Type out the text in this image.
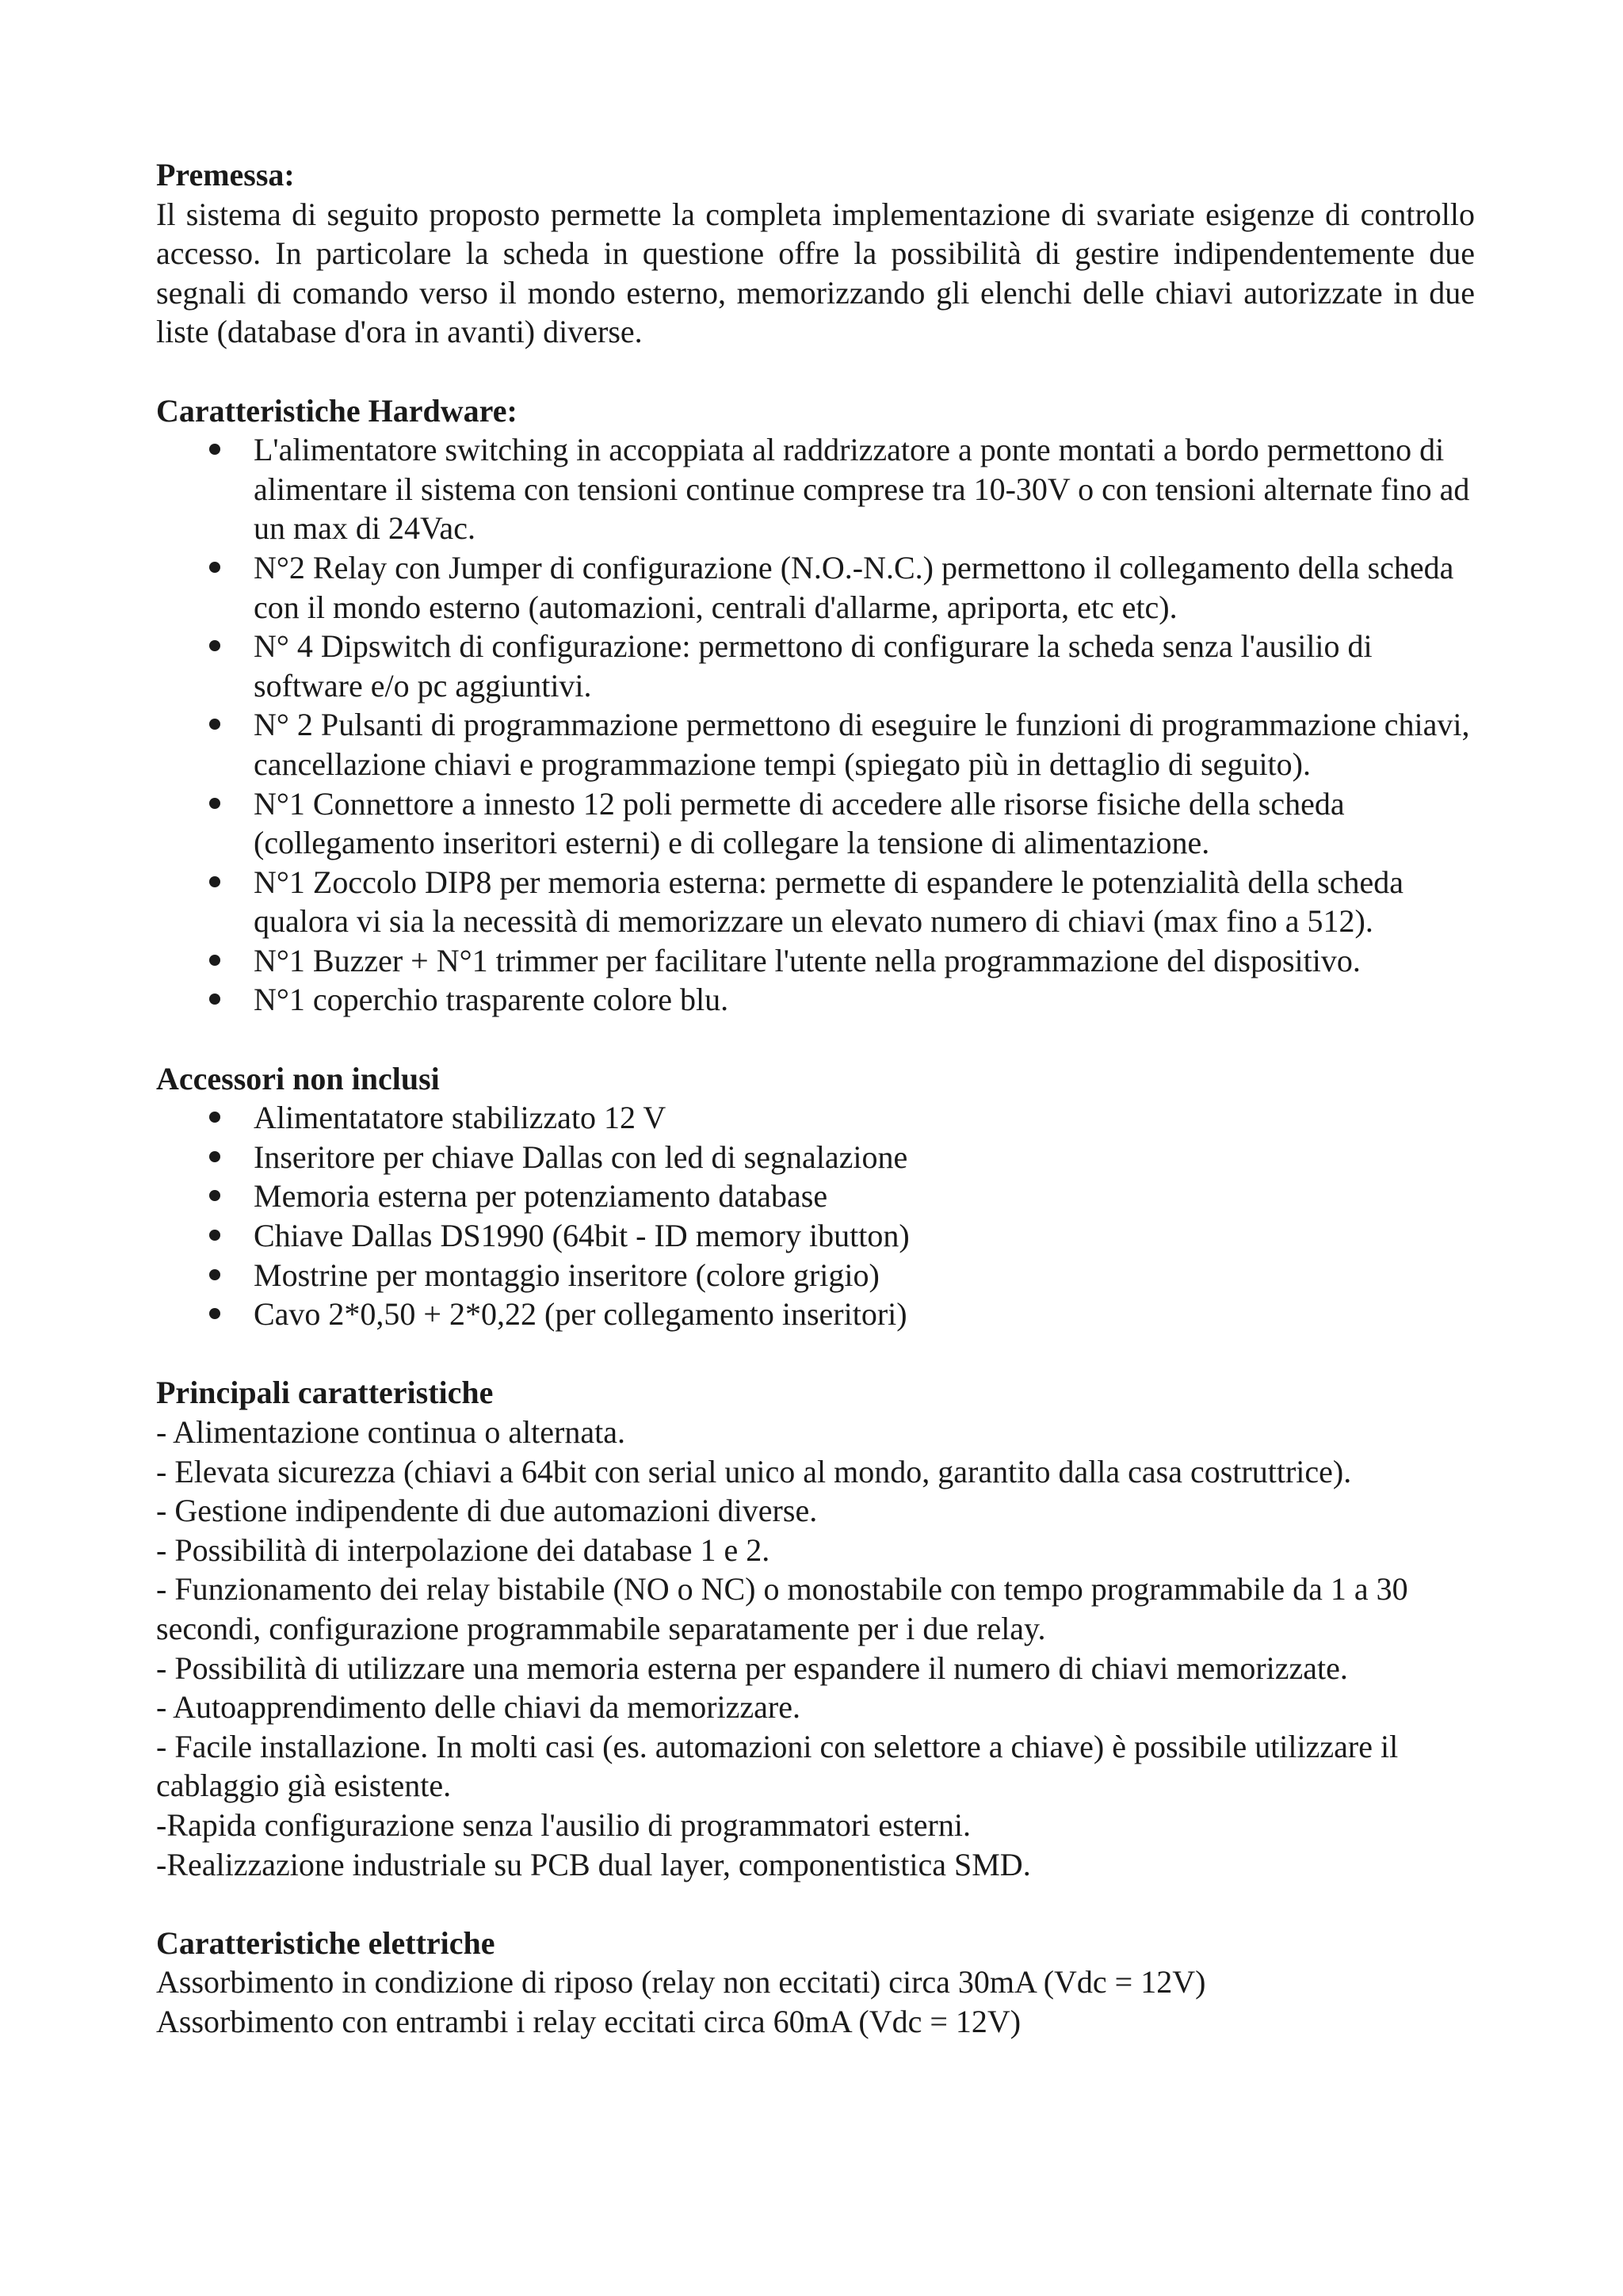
Premessa:

Il sistema di seguito proposto permette la completa implementazione di svariate esigenze di controllo accesso. In particolare la scheda in questione offre la possibilità di gestire indipendentemente due segnali di comando verso il mondo esterno, memorizzando gli elenchi delle chiavi autorizzate in due liste (database d'ora in avanti) diverse.

Caratteristiche Hardware:

L'alimentatore switching in accoppiata al raddrizzatore a ponte montati a bordo permettono di alimentare il sistema con tensioni continue comprese tra 10-30V o con tensioni alternate fino ad un max di 24Vac.
N°2 Relay con Jumper di configurazione (N.O.-N.C.) permettono il collegamento della scheda con il mondo esterno (automazioni, centrali d'allarme, apriporta, etc etc).
N° 4 Dipswitch di configurazione: permettono di configurare la scheda senza l'ausilio di software e/o pc aggiuntivi.
N° 2 Pulsanti di programmazione permettono di eseguire le funzioni di programmazione chiavi, cancellazione chiavi e programmazione tempi (spiegato più in dettaglio di seguito).
N°1 Connettore a innesto 12 poli permette di accedere alle risorse fisiche della scheda (collegamento inseritori esterni) e di collegare la tensione di alimentazione.
N°1 Zoccolo DIP8 per memoria esterna: permette di espandere le potenzialità della scheda qualora vi sia la necessità di memorizzare un elevato numero di chiavi (max fino a 512).
N°1 Buzzer + N°1 trimmer per facilitare l'utente nella programmazione del dispositivo.
N°1 coperchio trasparente colore blu.

Accessori non inclusi

Alimentatatore stabilizzato 12 V
Inseritore per chiave Dallas con led di segnalazione
Memoria esterna per potenziamento database
Chiave Dallas DS1990 (64bit - ID memory ibutton)
Mostrine per montaggio inseritore (colore grigio)
Cavo 2*0,50 + 2*0,22 (per collegamento inseritori)

Principali caratteristiche

- Alimentazione continua o alternata.

- Elevata sicurezza (chiavi a 64bit con serial unico al mondo, garantito dalla casa costruttrice).

- Gestione indipendente di due automazioni diverse.

- Possibilità di interpolazione dei database 1 e 2.

- Funzionamento dei relay bistabile (NO o NC) o monostabile con tempo programmabile da 1 a 30 secondi, configurazione programmabile separatamente per i due relay.

- Possibilità di utilizzare una memoria esterna per espandere il numero di chiavi memorizzate.

- Autoapprendimento delle chiavi da memorizzare.

- Facile installazione. In molti casi (es. automazioni con selettore a chiave) è possibile utilizzare il cablaggio già esistente.

-Rapida configurazione senza l'ausilio di programmatori esterni.

-Realizzazione industriale su PCB dual layer, componentistica SMD.

Caratteristiche elettriche

Assorbimento in condizione di riposo (relay non eccitati) circa 30mA (Vdc = 12V)

Assorbimento con entrambi i relay eccitati circa 60mA (Vdc = 12V)
